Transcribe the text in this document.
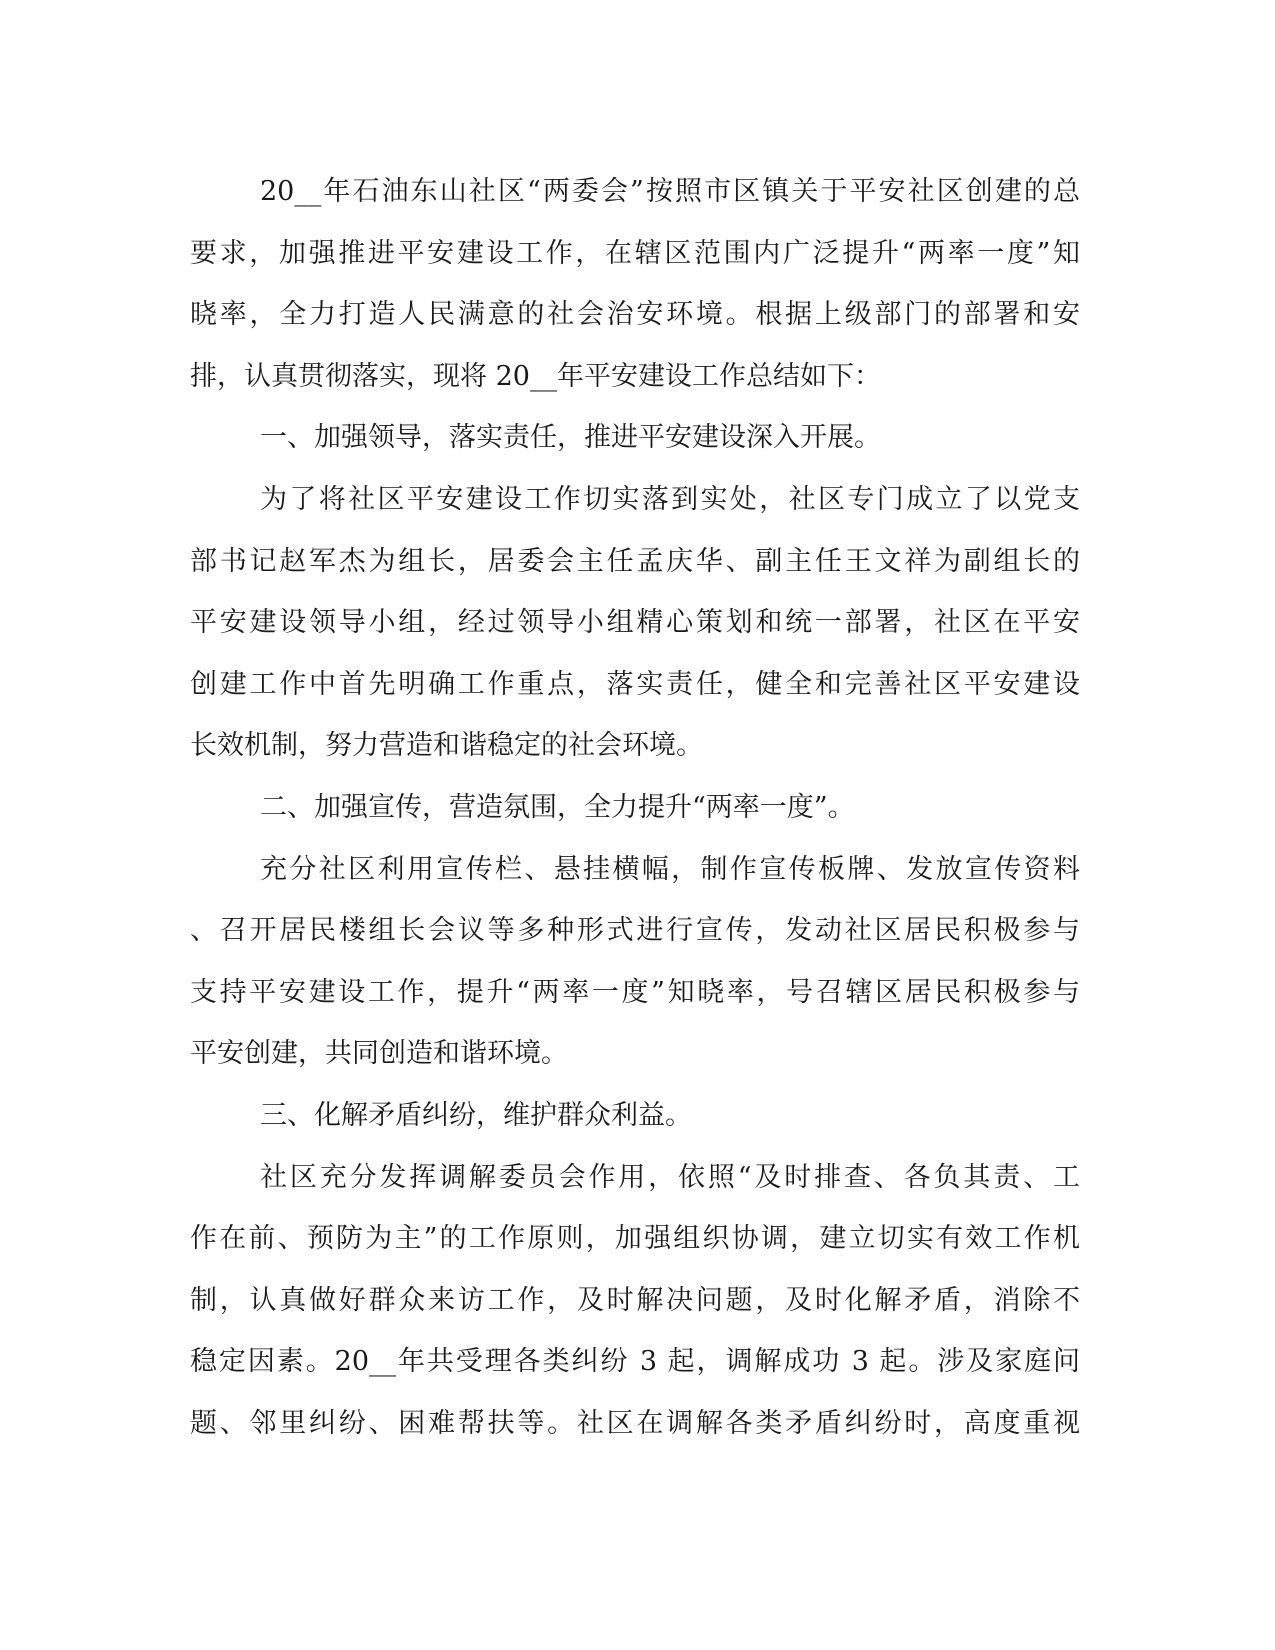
20__年石油东山社区“两委会”按照市区镇关于平安社区创建的总
要求，加强推进平安建设工作，在辖区范围内广泛提升“两率一度”知
晓率，全力打造人民满意的社会治安环境。根据上级部门的部署和安
排，认真贯彻落实，现将 20__年平安建设工作总结如下：
一、加强领导，落实责任，推进平安建设深入开展。
为了将社区平安建设工作切实落到实处，社区专门成立了以党支
部书记赵军杰为组长，居委会主任孟庆华、副主任王文祥为副组长的
平安建设领导小组，经过领导小组精心策划和统一部署，社区在平安
创建工作中首先明确工作重点，落实责任，健全和完善社区平安建设
长效机制，努力营造和谐稳定的社会环境。
二、加强宣传，营造氛围，全力提升“两率一度”。
充分社区利用宣传栏、悬挂横幅，制作宣传板牌、发放宣传资料
、召开居民楼组长会议等多种形式进行宣传，发动社区居民积极参与
支持平安建设工作，提升“两率一度”知晓率，号召辖区居民积极参与
平安创建，共同创造和谐环境。
三、化解矛盾纠纷，维护群众利益。
社区充分发挥调解委员会作用，依照“及时排查、各负其责、工
作在前、预防为主”的工作原则，加强组织协调，建立切实有效工作机
制，认真做好群众来访工作，及时解决问题，及时化解矛盾，消除不
稳定因素。20__年共受理各类纠纷 3 起，调解成功 3 起。涉及家庭问
题、邻里纠纷、困难帮扶等。社区在调解各类矛盾纠纷时，高度重视
